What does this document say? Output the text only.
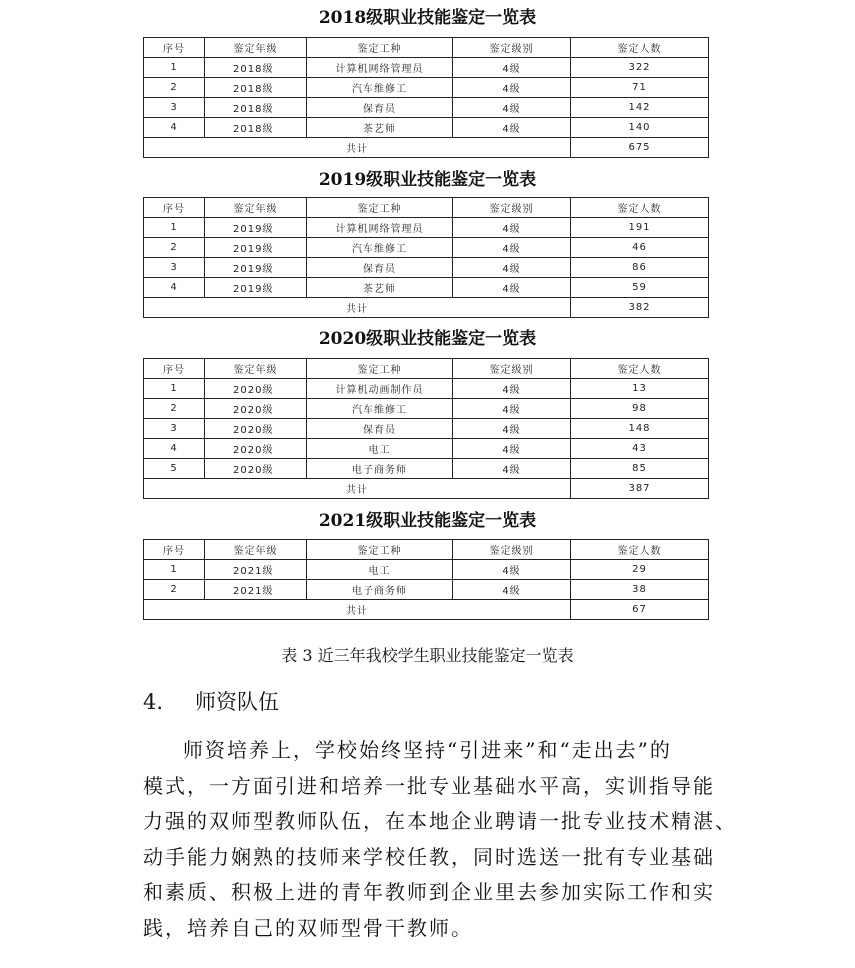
2018级职业技能鉴定一览表
序号	鉴定年级	鉴定工种	鉴定级别	鉴定人数
1	2018级	计算机网络管理员	4级	322
2	2018级	汽车维修工	4级	71
3	2018级	保育员	4级	142
4	2018级	茶艺师	4级	140
共计				675
2019级职业技能鉴定一览表
序号	鉴定年级	鉴定工种	鉴定级别	鉴定人数
1	2019级	计算机网络管理员	4级	191
2	2019级	汽车维修工	4级	46
3	2019级	保育员	4级	86
4	2019级	茶艺师	4级	59
共计				382
2020级职业技能鉴定一览表
序号	鉴定年级	鉴定工种	鉴定级别	鉴定人数
1	2020级	计算机动画制作员	4级	13
2	2020级	汽车维修工	4级	98
3	2020级	保育员	4级	148
4	2020级	电工	4级	43
5	2020级	电子商务师	4级	85
共计				387
2021级职业技能鉴定一览表
序号	鉴定年级	鉴定工种	鉴定级别	鉴定人数
1	2021级	电工	4级	29
2	2021级	电子商务师	4级	38
共计				67
表 3 近三年我校学生职业技能鉴定一览表
4. 师资队伍
师资培养上，学校始终坚持“引进来”和“走出去”的
模式，一方面引进和培养一批专业基础水平高，实训指导能
力强的双师型教师队伍，在本地企业聘请一批专业技术精湛、
动手能力娴熟的技师来学校任教，同时选送一批有专业基础
和素质、积极上进的青年教师到企业里去参加实际工作和实
践，培养自己的双师型骨干教师。
